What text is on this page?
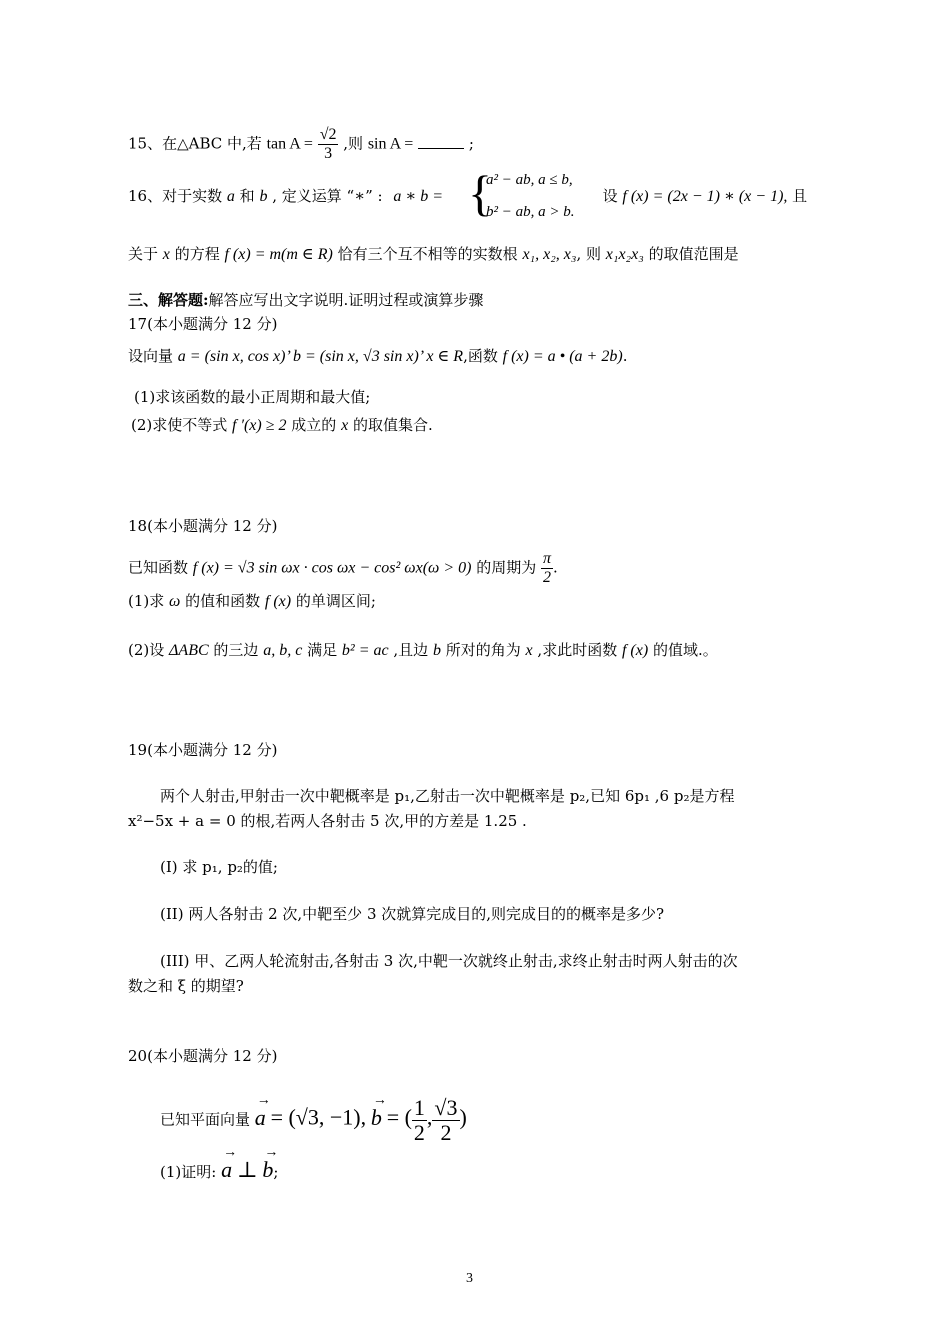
15、在△ABC 中,若 $\tan A = \frac{√2}{3}$ ,则 sin A =	;
16、对于实数 a 和 b , 定义运算 “∗” : a ∗ b =	设 f (x) = (2x − 1) ∗ (x − 1), 且
{
a² − ab, a ≤ b,
b² − ab, a > b.
关于 x 的方程 f (x) = m(m ∈ R) 恰有三个互不相等的实数根 x₁, x₂, x₃, 则 x₁x₂x₃ 的取值范围是
三、解答题:解答应写出文字说明.证明过程或演算步骤
17(本小题满分 12 分)
设向量 a = (sin x, cos x)’ b = (sin x, √3 sin x)’ x ∈ R,函数 f (x) = a • (a + 2b).
(1)求该函数的最小正周期和最大值;
(2)求使不等式 f ′(x) ≥ 2 成立的 x 的取值集合.
18(本小题满分 12 分)
已知函数 f (x) = √3 sin ωx · cos ωx − cos² ωx(ω > 0) 的周期为 $\frac{\pi}{2}$ .
(1)求 ω 的值和函数 f (x) 的单调区间;
(2)设 ΔABC 的三边 a, b, c 满足 b² = ac ,且边 b 所对的角为 x ,求此时函数 f (x) 的值域.。
19(本小题满分 12 分)
两个人射击,甲射击一次中靶概率是 p₁,乙射击一次中靶概率是 p₂,已知 6p₁ ,6 p₂是方程
x²−5x + a = 0 的根,若两人各射击 5 次,甲的方差是 1.25 .
(I) 求 p₁, p₂的值;
(II) 两人各射击 2 次,中靶至少 3 次就算完成目的,则完成目的的概率是多少?
(III) 甲、乙两人轮流射击,各射击 3 次,中靶一次就终止射击,求终止射击时两人射击的次
数之和 ξ 的期望?
20(本小题满分 12 分)
已知平面向量
→
a = (√3, −1),
→
b = ( $\frac{1}{2}$ , $\frac{√3}{2}$ )
(1)证明:
→
a ⊥
→
b;
3
